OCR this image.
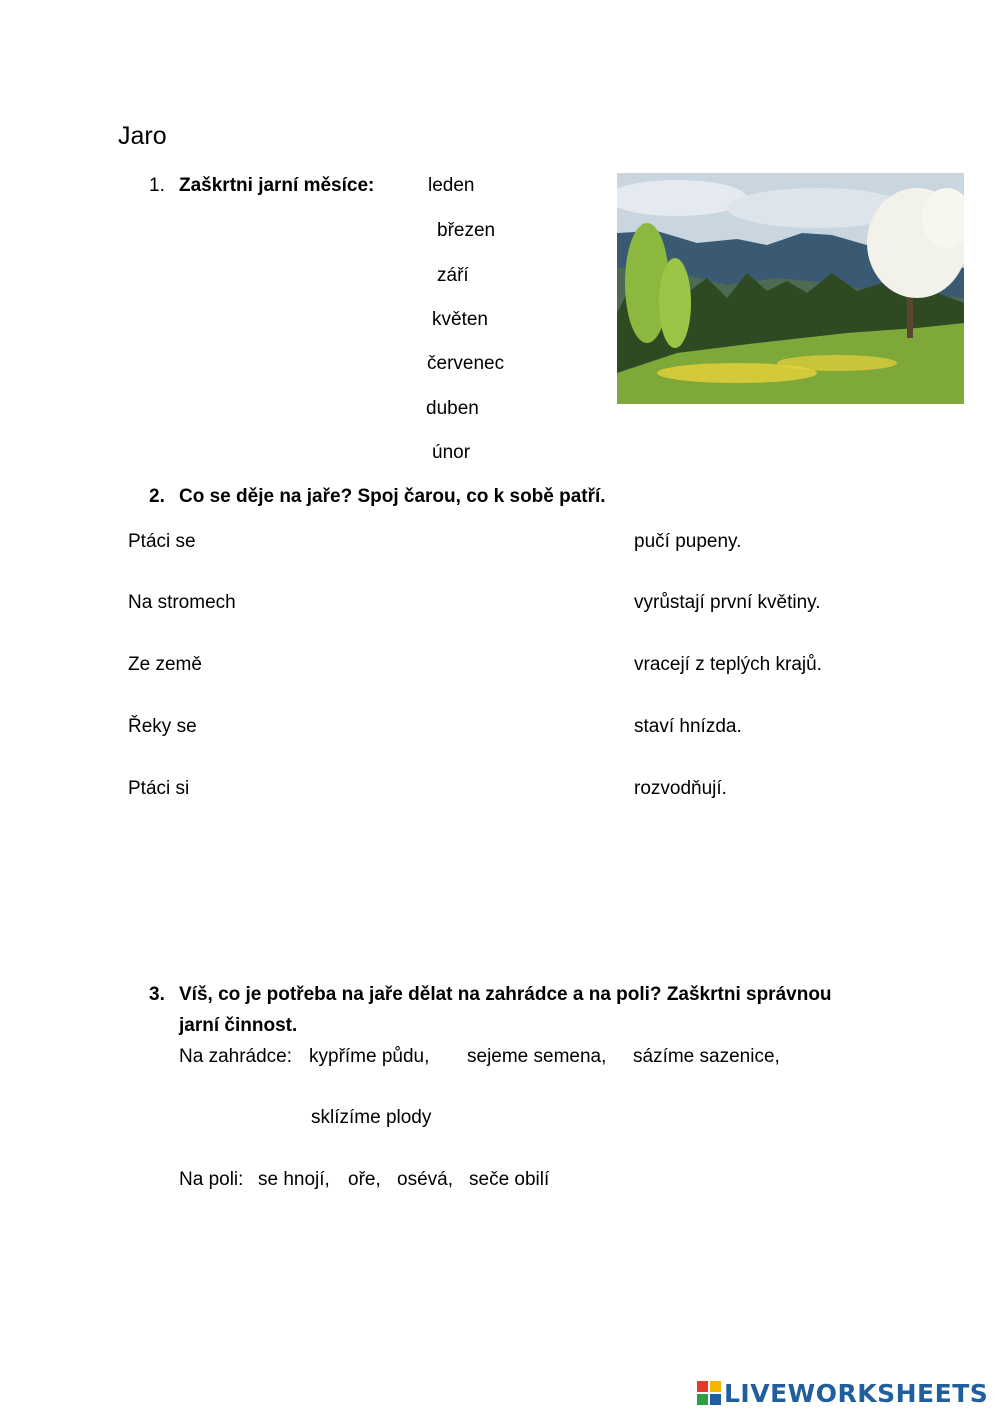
Jaro
1. Zaškrtni jarní měsíce:	leden
březen
září
květen
červenec
duben
únor
2. Co se děje na jaře? Spoj čarou, co k sobě patří.
Ptáci se
Na stromech
Ze země
Řeky se
Ptáci si
pučí pupeny.
vyrůstají první květiny.
vracejí z teplých krajů.
staví hnízda.
rozvodňují.
3. Víš, co je potřeba na jaře dělat na zahrádce a na poli? Zaškrtni správnou
jarní činnost.
Na zahrádce: kypříme půdu, sejeme semena, sázíme sazenice,
sklízíme plody
Na poli: se hnojí, oře, osévá, seče obilí
LIVEWORKSHEETS
